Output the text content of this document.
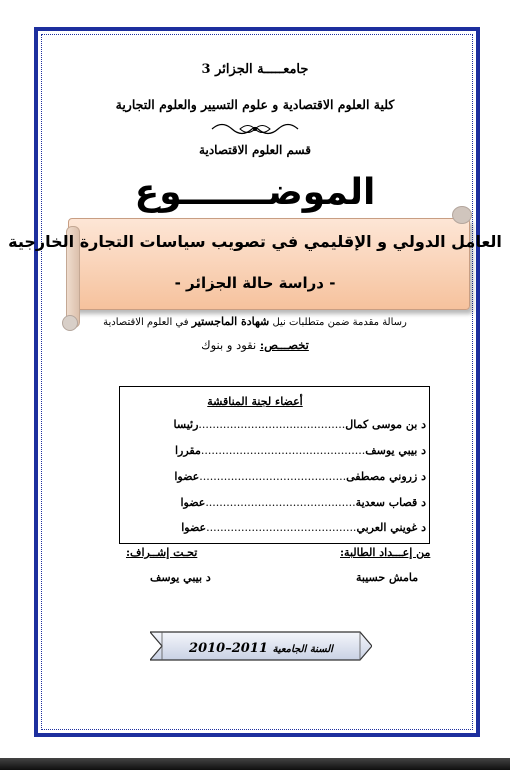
جامعـــــة الجزائر 3
كلية العلوم الاقتصادية و علوم التسيير والعلوم التجارية
قسم العلوم الاقتصادية
الموضـــــــوع
العامل الدولي و الإقليمي في تصويب سياسات التجارة الخارجية
- دراسة حالة الجزائر -
رسالة مقدمة ضمن متطلبات نيل شهادة الماجستير في العلوم الاقتصادية
تخصـــص: نقود و بنوك
أعضاء لجنة المناقشة
د بن موسى كمال..........................................رئيسا
د بيبي يوسف...............................................مقررا
د زروني مصطفى..........................................عضوا
د قصاب سعدية...........................................عضوا
د غويني العربي...........................................عضوا
من إعـــداد الطالبة:
تحـت إشــراف:
مامش حسيبة
د بيبي يوسف
السنة الجامعية 2010–2011
